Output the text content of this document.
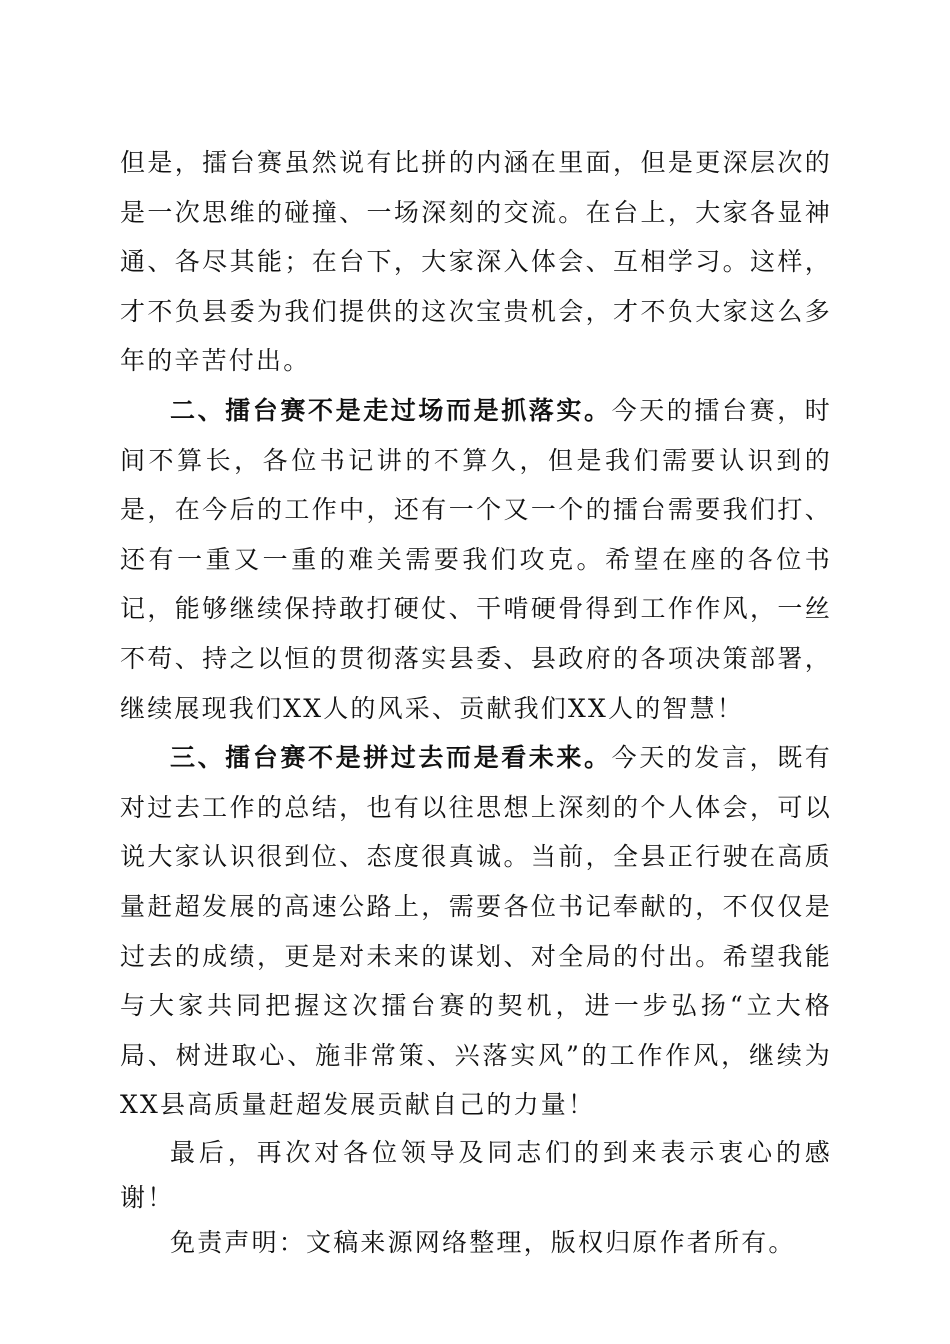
但是，擂台赛虽然说有比拼的内涵在里面，但是更深层次的是一次思维的碰撞、一场深刻的交流。在台上，大家各显神通、各尽其能；在台下，大家深入体会、互相学习。这样，才不负县委为我们提供的这次宝贵机会，才不负大家这么多年的辛苦付出。

二、擂台赛不是走过场而是抓落实。今天的擂台赛，时间不算长，各位书记讲的不算久，但是我们需要认识到的是，在今后的工作中，还有一个又一个的擂台需要我们打、还有一重又一重的难关需要我们攻克。希望在座的各位书记，能够继续保持敢打硬仗、干啃硬骨得到工作作风，一丝不苟、持之以恒的贯彻落实县委、县政府的各项决策部署，继续展现我们XX人的风采、贡献我们XX人的智慧！

三、擂台赛不是拼过去而是看未来。今天的发言，既有对过去工作的总结，也有以往思想上深刻的个人体会，可以说大家认识很到位、态度很真诚。当前，全县正行驶在高质量赶超发展的高速公路上，需要各位书记奉献的，不仅仅是过去的成绩，更是对未来的谋划、对全局的付出。希望我能与大家共同把握这次擂台赛的契机，进一步弘扬“立大格局、树进取心、施非常策、兴落实风”的工作作风，继续为XX县高质量赶超发展贡献自己的力量！

最后，再次对各位领导及同志们的到来表示衷心的感谢！

免责声明：文稿来源网络整理，版权归原作者所有。
